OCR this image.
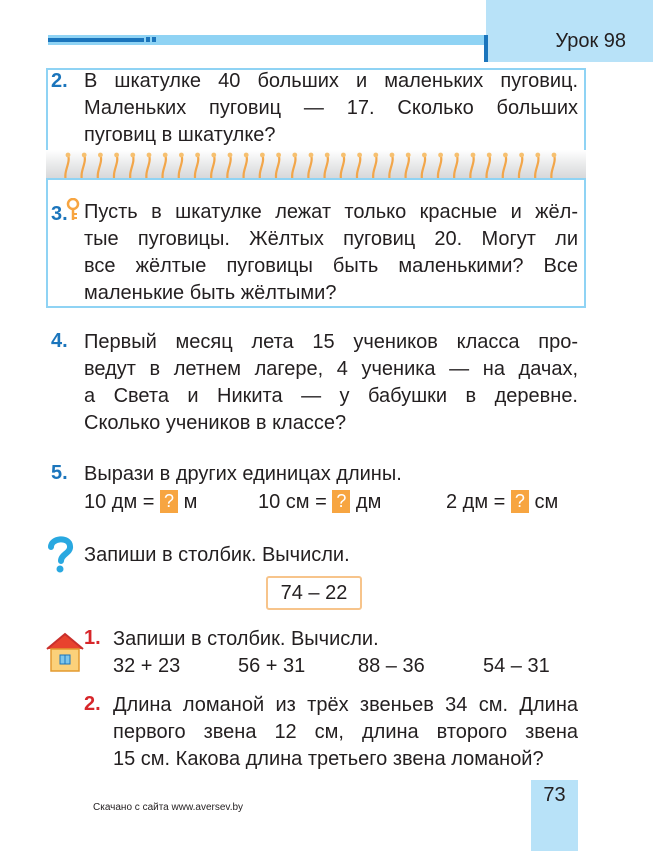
Урок 98
2. В шкатулке 40 больших и маленьких пуговиц.
Маленьких пуговиц — 17. Сколько больших
пуговиц в шкатулке?
3. Пусть в шкатулке лежат только красные и жёл-
тые пуговицы. Жёлтых пуговиц 20. Могут ли
все жёлтые пуговицы быть маленькими? Все
маленькие быть жёлтыми?
4. Первый месяц лета 15 учеников класса про-
ведут в летнем лагере, 4 ученика — на дачах,
а Света и Никита — у бабушки в деревне.
Сколько учеников в классе?
5. Вырази в других единицах длины.
10 дм = ? м	10 см = ? дм	2 дм = ? см
Запиши в столбик. Вычисли.
74 – 22
1. Запиши в столбик. Вычисли.
32 + 23	56 + 31	88 – 36	54 – 31
2. Длина ломаной из трёх звеньев 34 см. Длина
первого звена 12 см, длина второго звена
15 см. Какова длина третьего звена ломаной?
Скачано с сайта www.aversev.by
73
